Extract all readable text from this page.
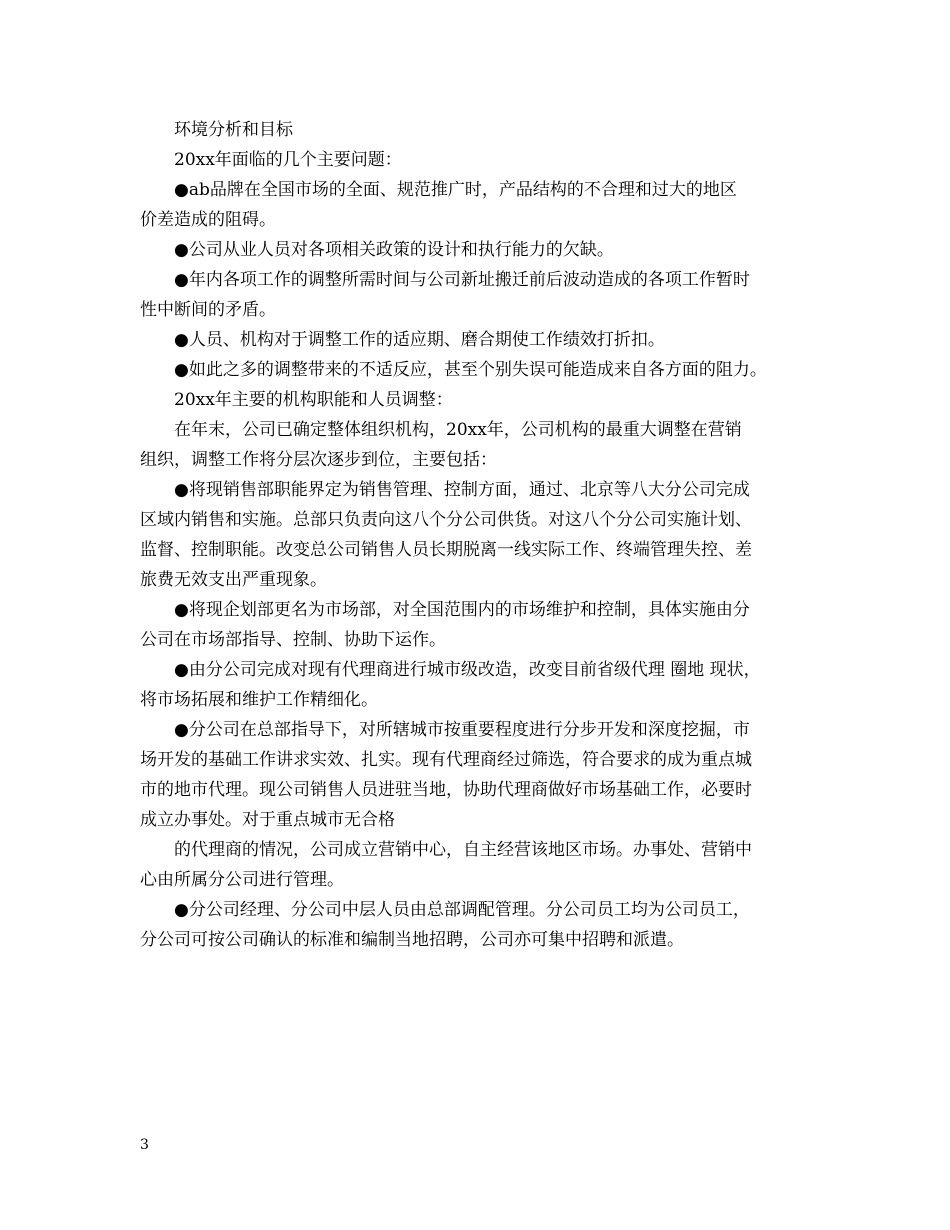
环境分析和目标
20xx年面临的几个主要问题：
●ab品牌在全国市场的全面、规范推广时，产品结构的不合理和过大的地区
价差造成的阻碍。
●公司从业人员对各项相关政策的设计和执行能力的欠缺。
●年内各项工作的调整所需时间与公司新址搬迁前后波动造成的各项工作暂时
性中断间的矛盾。
●人员、机构对于调整工作的适应期、磨合期使工作绩效打折扣。
●如此之多的调整带来的不适反应，甚至个别失误可能造成来自各方面的阻力。
20xx年主要的机构职能和人员调整：
在年末，公司已确定整体组织机构，20xx年，公司机构的最重大调整在营销
组织，调整工作将分层次逐步到位，主要包括：
●将现销售部职能界定为销售管理、控制方面，通过、北京等八大分公司完成
区域内销售和实施。总部只负责向这八个分公司供货。对这八个分公司实施计划、
监督、控制职能。改变总公司销售人员长期脱离一线实际工作、终端管理失控、差
旅费无效支出严重现象。
●将现企划部更名为市场部，对全国范围内的市场维护和控制，具体实施由分
公司在市场部指导、控制、协助下运作。
●由分公司完成对现有代理商进行城市级改造，改变目前省级代理 圈地 现状，
将市场拓展和维护工作精细化。
●分公司在总部指导下，对所辖城市按重要程度进行分步开发和深度挖掘，市
场开发的基础工作讲求实效、扎实。现有代理商经过筛选，符合要求的成为重点城
市的地市代理。现公司销售人员进驻当地，协助代理商做好市场基础工作，必要时
成立办事处。对于重点城市无合格
的代理商的情况，公司成立营销中心，自主经营该地区市场。办事处、营销中
心由所属分公司进行管理。
●分公司经理、分公司中层人员由总部调配管理。分公司员工均为公司员工，
分公司可按公司确认的标准和编制当地招聘，公司亦可集中招聘和派遣。
3
